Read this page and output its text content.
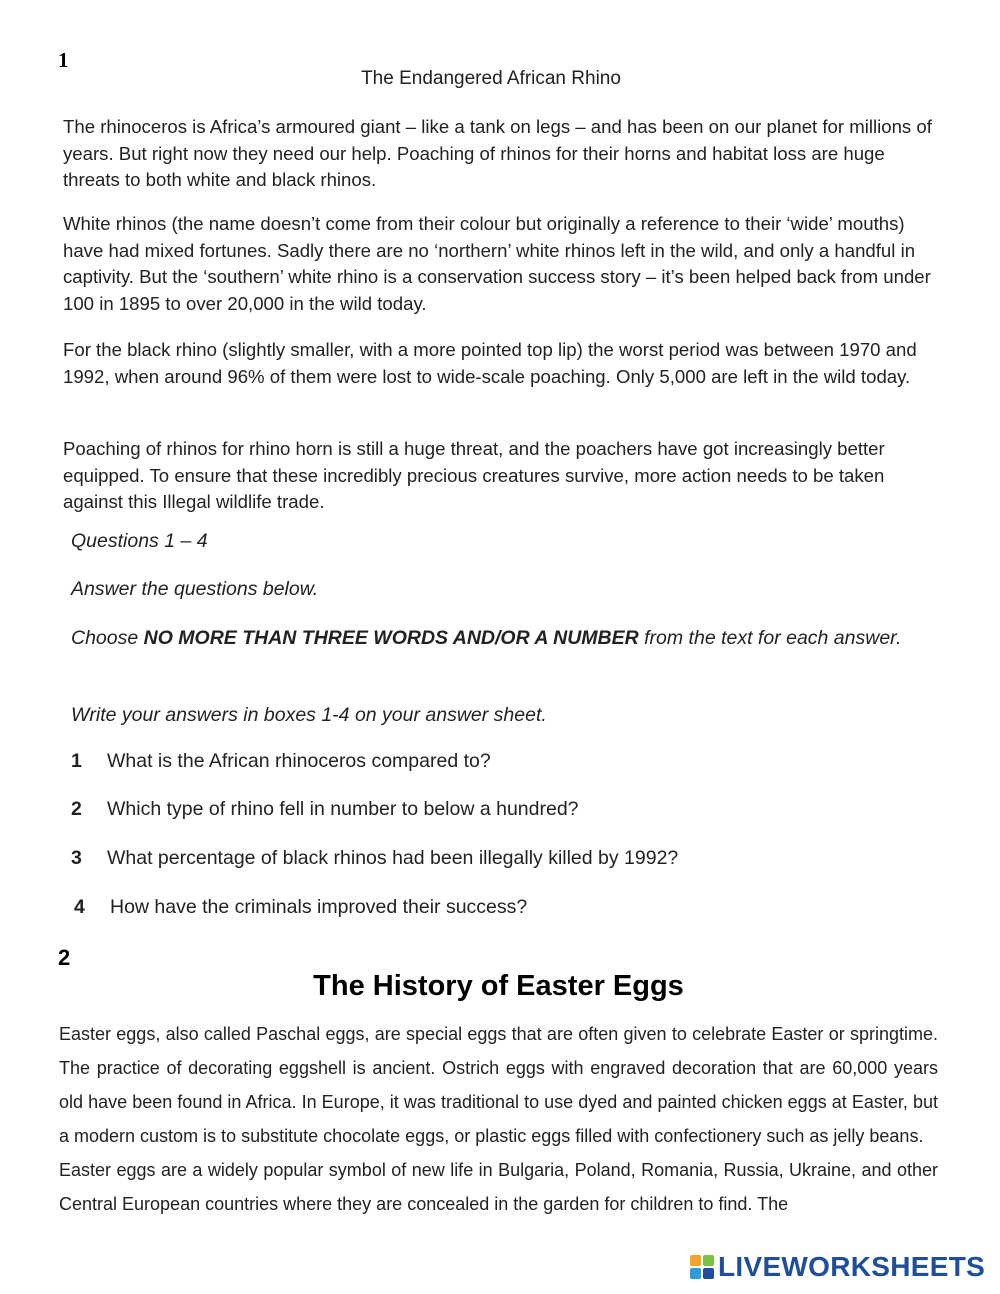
1
The Endangered African Rhino

The rhinoceros is Africa’s armoured giant – like a tank on legs – and has been on our planet for millions of years. But right now they need our help. Poaching of rhinos for their horns and habitat loss are huge threats to both white and black rhinos.

White rhinos (the name doesn’t come from their colour but originally a reference to their ‘wide’ mouths) have had mixed fortunes. Sadly there are no ‘northern’ white rhinos left in the wild, and only a handful in captivity. But the ‘southern’ white rhino is a conservation success story – it’s been helped back from under 100 in 1895 to over 20,000 in the wild today.

For the black rhino (slightly smaller, with a more pointed top lip) the worst period was between 1970 and 1992, when around 96% of them were lost to wide-scale poaching. Only 5,000 are left in the wild today.

Poaching of rhinos for rhino horn is still a huge threat, and the poachers have got increasingly better equipped. To ensure that these incredibly precious creatures survive, more action needs to be taken against this Illegal wildlife trade.

Questions 1 – 4

Answer the questions below.

Choose NO MORE THAN THREE WORDS AND/OR A NUMBER from the text for each answer.

Write your answers in boxes 1-4 on your answer sheet.

1 What is the African rhinoceros compared to?
2 Which type of rhino fell in number to below a hundred?
3 What percentage of black rhinos had been illegally killed by 1992?
4 How have the criminals improved their success?
2
The History of Easter Eggs

Easter eggs, also called Paschal eggs, are special eggs that are often given to celebrate Easter or springtime. The practice of decorating eggshell is ancient. Ostrich eggs with engraved decoration that are 60,000 years old have been found in Africa. In Europe, it was traditional to use dyed and painted chicken eggs at Easter, but a modern custom is to substitute chocolate eggs, or plastic eggs filled with confectionery such as jelly beans.

Easter eggs are a widely popular symbol of new life in Bulgaria, Poland, Romania, Russia, Ukraine, and other Central European countries where they are concealed in the garden for children to find. The

LIVEWORKSHEETS
